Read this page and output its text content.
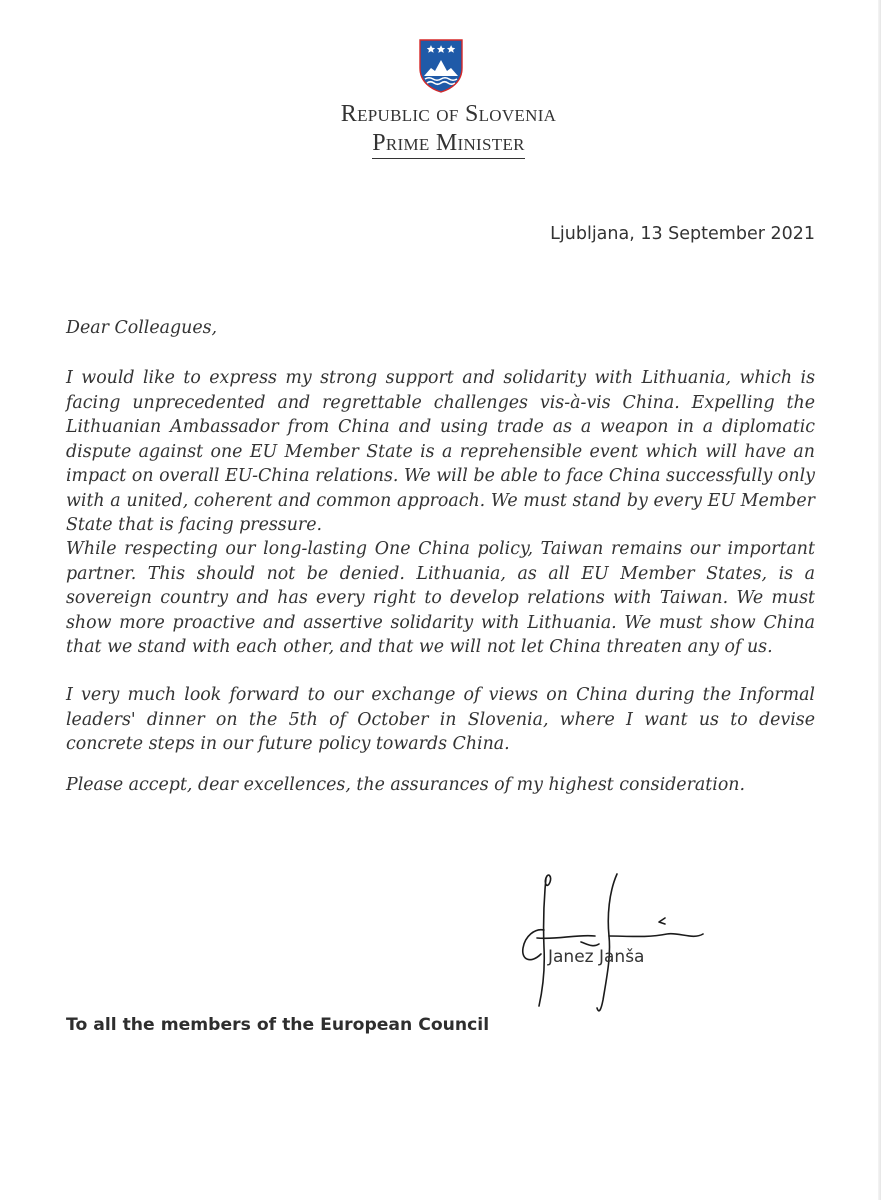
Republic of Slovenia
Prime Minister
Ljubljana, 13 September 2021
Dear Colleagues,
I would like to express my strong support and solidarity with Lithuania, which is facing unprecedented and regrettable challenges vis-à-vis China. Expelling the Lithuanian Ambassador from China and using trade as a weapon in a diplomatic dispute against one EU Member State is a reprehensible event which will have an impact on overall EU-China relations. We will be able to face China successfully only with a united, coherent and common approach. We must stand by every EU Member State that is facing pressure.
While respecting our long-lasting One China policy, Taiwan remains our important partner. This should not be denied. Lithuania, as all EU Member States, is a sovereign country and has every right to develop relations with Taiwan. We must show more proactive and assertive solidarity with Lithuania. We must show China that we stand with each other, and that we will not let China threaten any of us.
I very much look forward to our exchange of views on China during the Informal leaders' dinner on the 5th of October in Slovenia, where I want us to devise concrete steps in our future policy towards China.
Please accept, dear excellences, the assurances of my highest consideration.
Janez Janša
To all the members of the European Council
